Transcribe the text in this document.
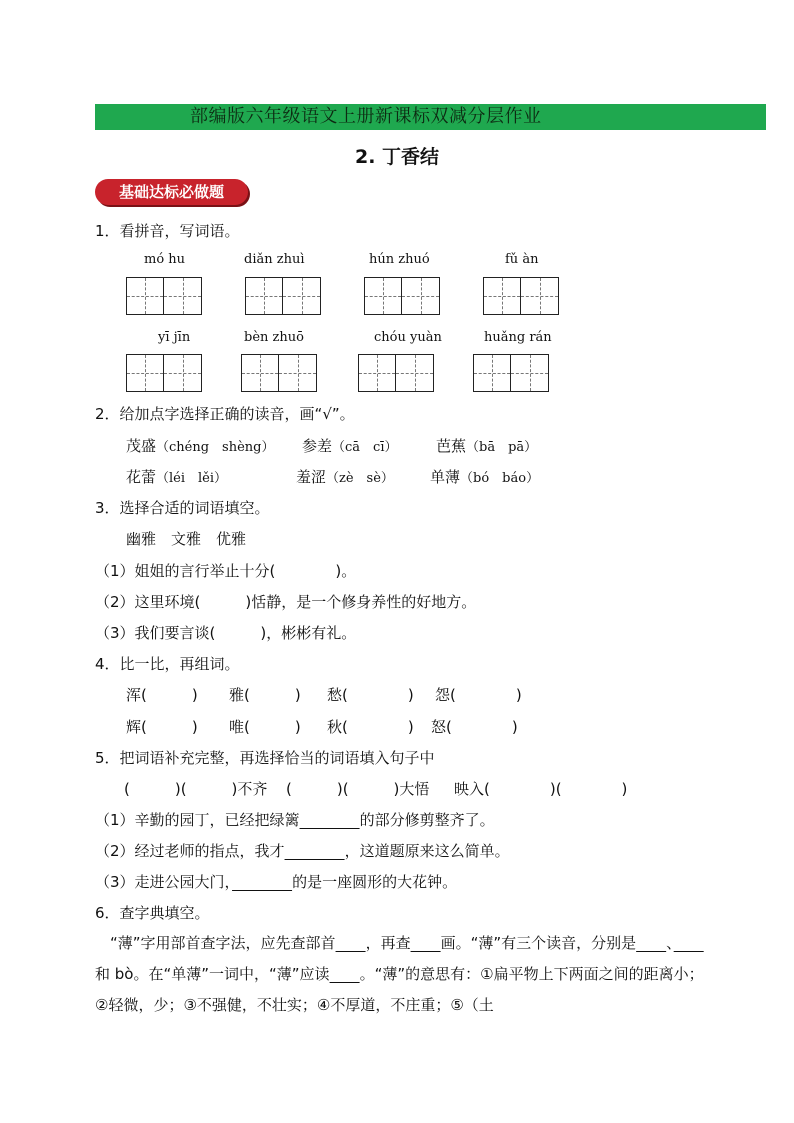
部编版六年级语文上册新课标双减分层作业
2. 丁香结
基础达标必做题
1．看拼音，写词语。
mó hu	diǎn zhuì	hún zhuó	fǔ àn
yī jīn	bèn zhuō	chóu yuàn	huǎng rán
2．给加点字选择正确的读音，画“√”。
茂盛（chéng　shèng） 参差（cā　cī）	芭蕉（bā　pā）
花蕾（léi　lěi）	羞涩（zè　sè） 单薄（bó　báo）
3．选择合适的词语填空。
幽雅　文雅　优雅
（1）姐姐的言行举止十分(　　　　)。
（2）这里环境(　　　)恬静，是一个修身养性的好地方。
（3）我们要言谈(　　　)，彬彬有礼。
4．比一比，再组词。
浑(　　　) 雅(　　　) 愁(　　　　) 怨(　　　　)
辉(　　　) 唯(　　　) 秋(　　　　) 怒(　　　　)
5．把词语补充完整，再选择恰当的词语填入句子中
(　　　)(　　　)不齐 (　　　)(　　　)大悟 映入(　　　　)(　　　　)
（1）辛勤的园丁，已经把绿篱　　　　	的部分修剪整齐了。
（2）经过老师的指点，我才　　　　	，这道题原来这么简单。
（3）走进公园大门，　　　　	的是一座圆形的大花钟。
6．查字典填空。
“薄”字用部首查字法，应先查部首　　 ，再查　　 画。“薄”有三个读音，分别是　　 、　　和 bò。在“单薄”一词中，“薄”应读　　 。“薄”的意思有：①扁平物上下两面之间的距离小；②轻微，少；③不强健，不壮实；④不厚道，不庄重；⑤（土
